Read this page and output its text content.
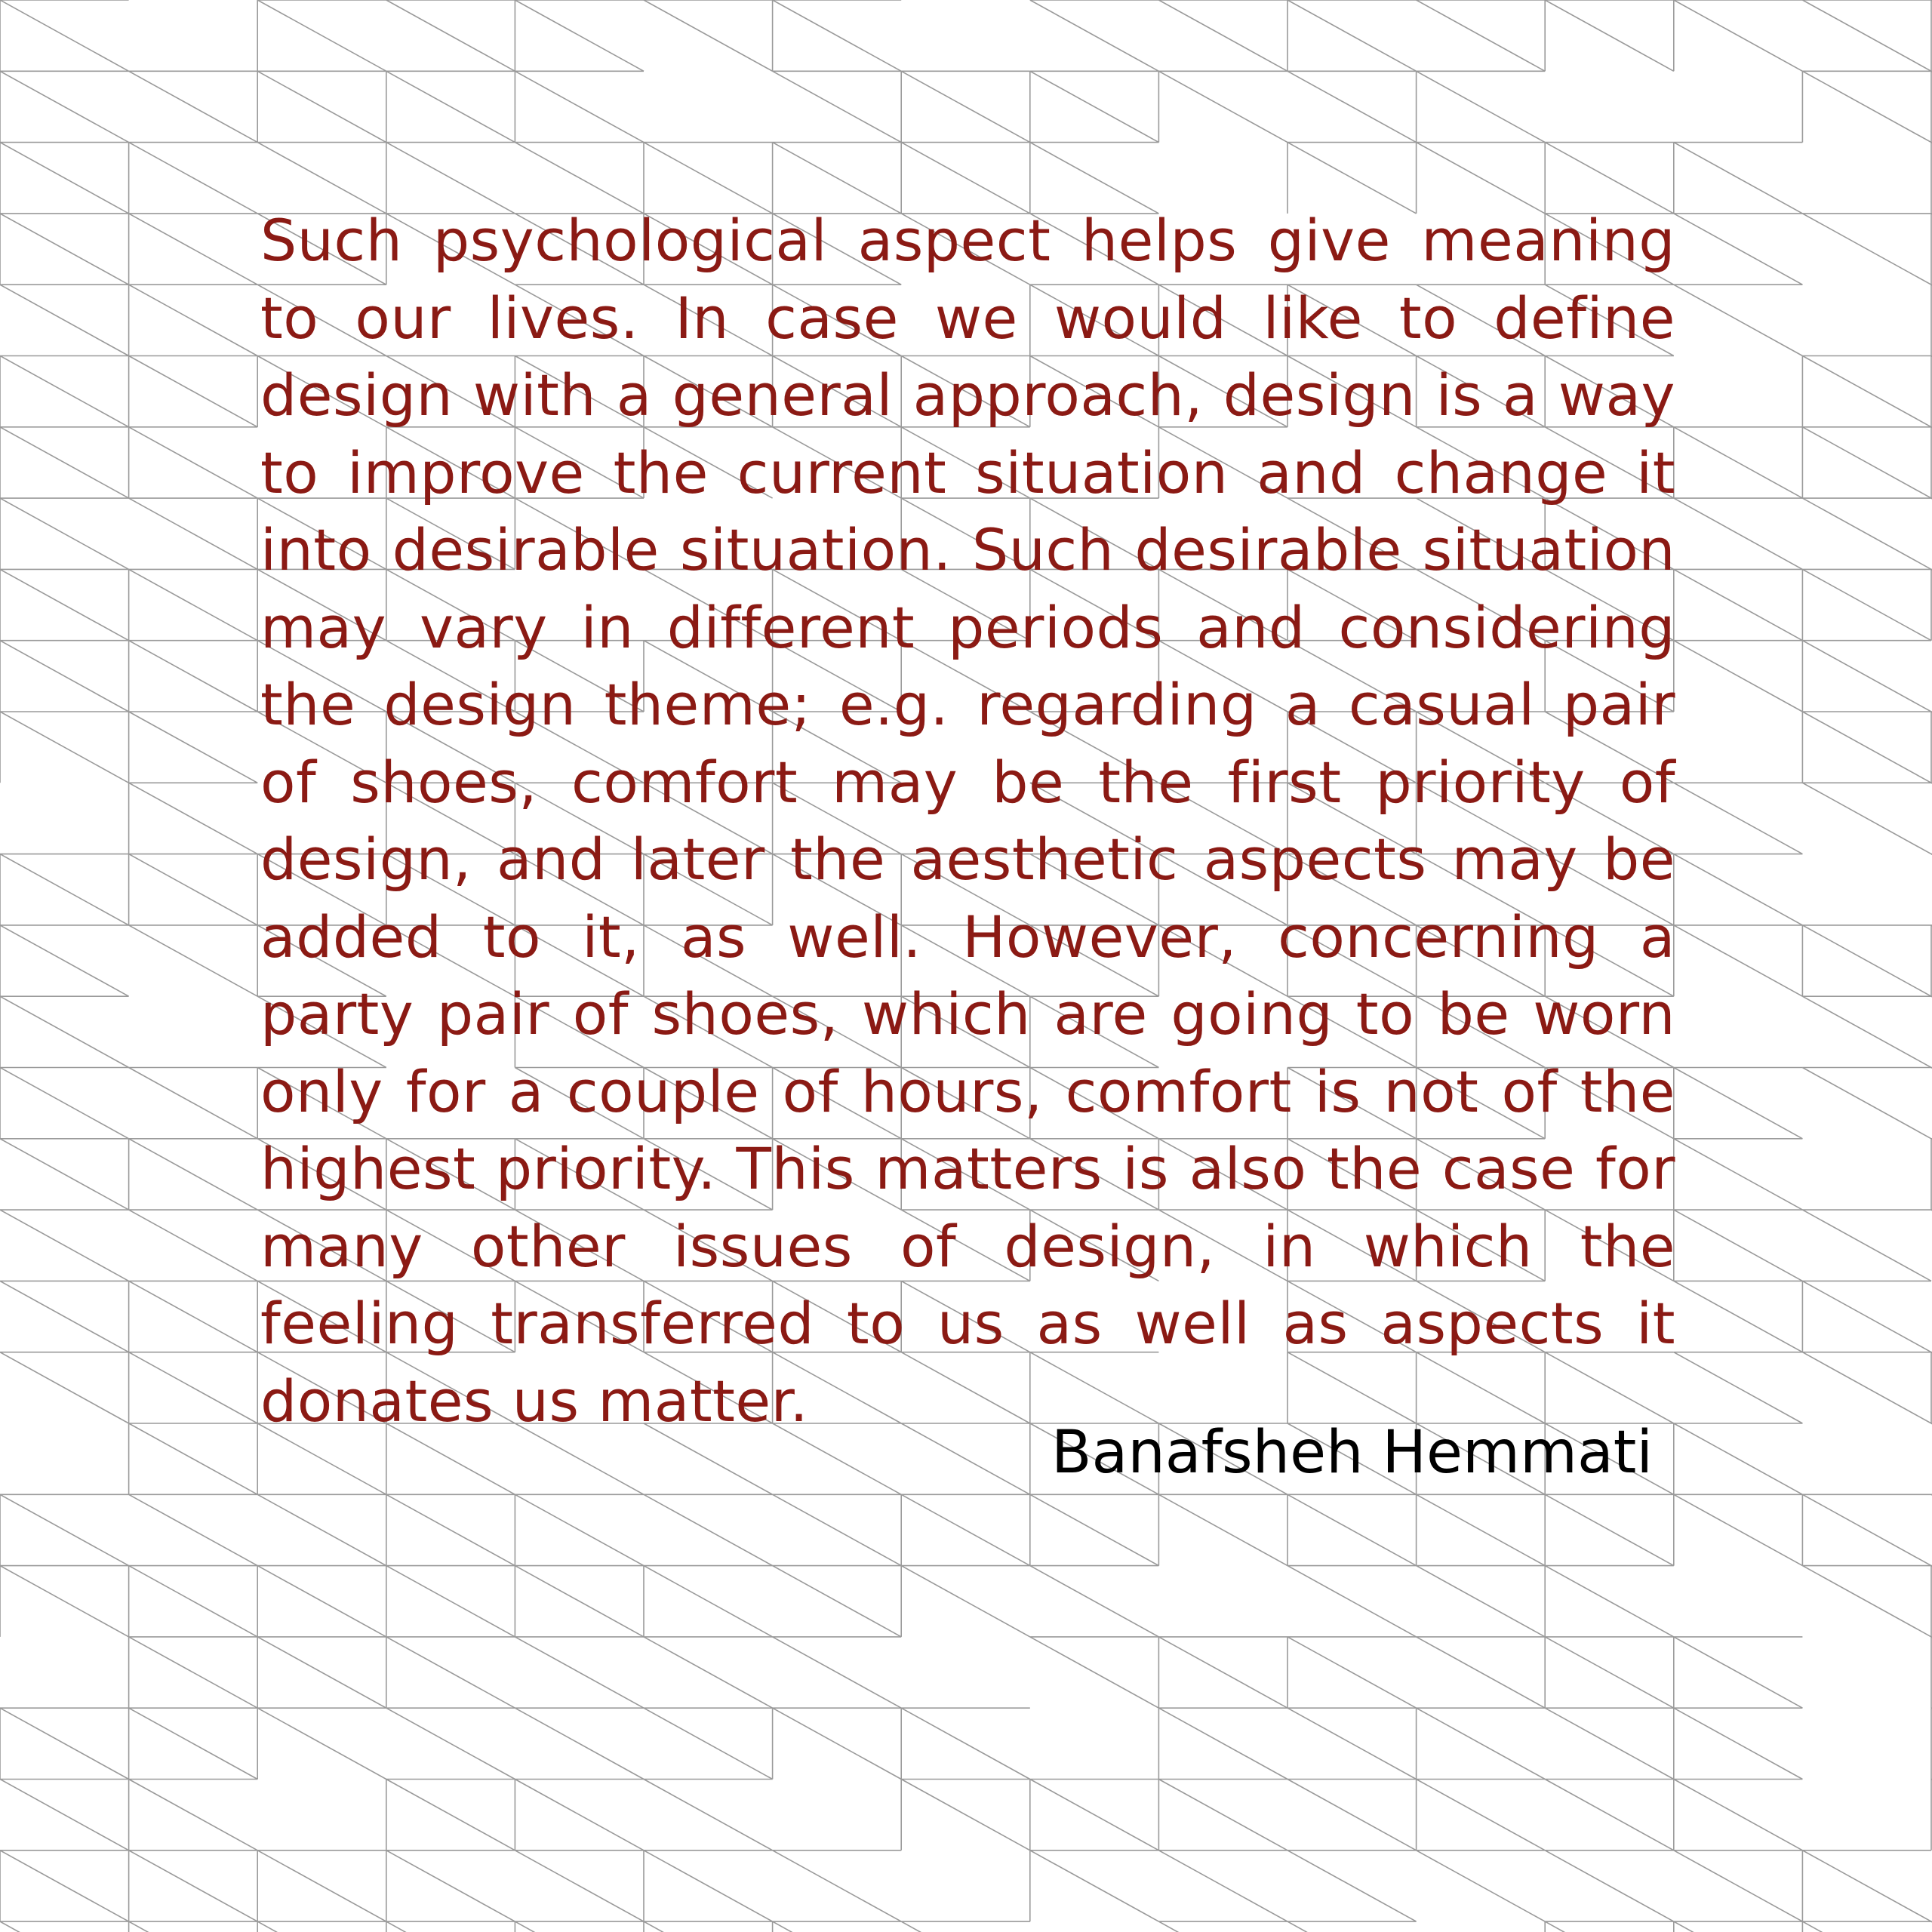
Such psychological aspect helps give meaning to our lives. In case we would like to define design with a general approach, design is a way to improve the current situation and change it into desirable situation. Such desirable situation may vary in different periods and considering the design theme; e.g. regarding a casual pair of shoes, comfort may be the first priority of design, and later the aesthetic aspects may be added to it, as well. However, concerning a party pair of shoes, which are going to be worn only for a couple of hours, comfort is not of the highest priority. This matters is also the case for many other issues of design, in which the feeling transferred to us as well as aspects it donates us matter.

Banafsheh Hemmati
